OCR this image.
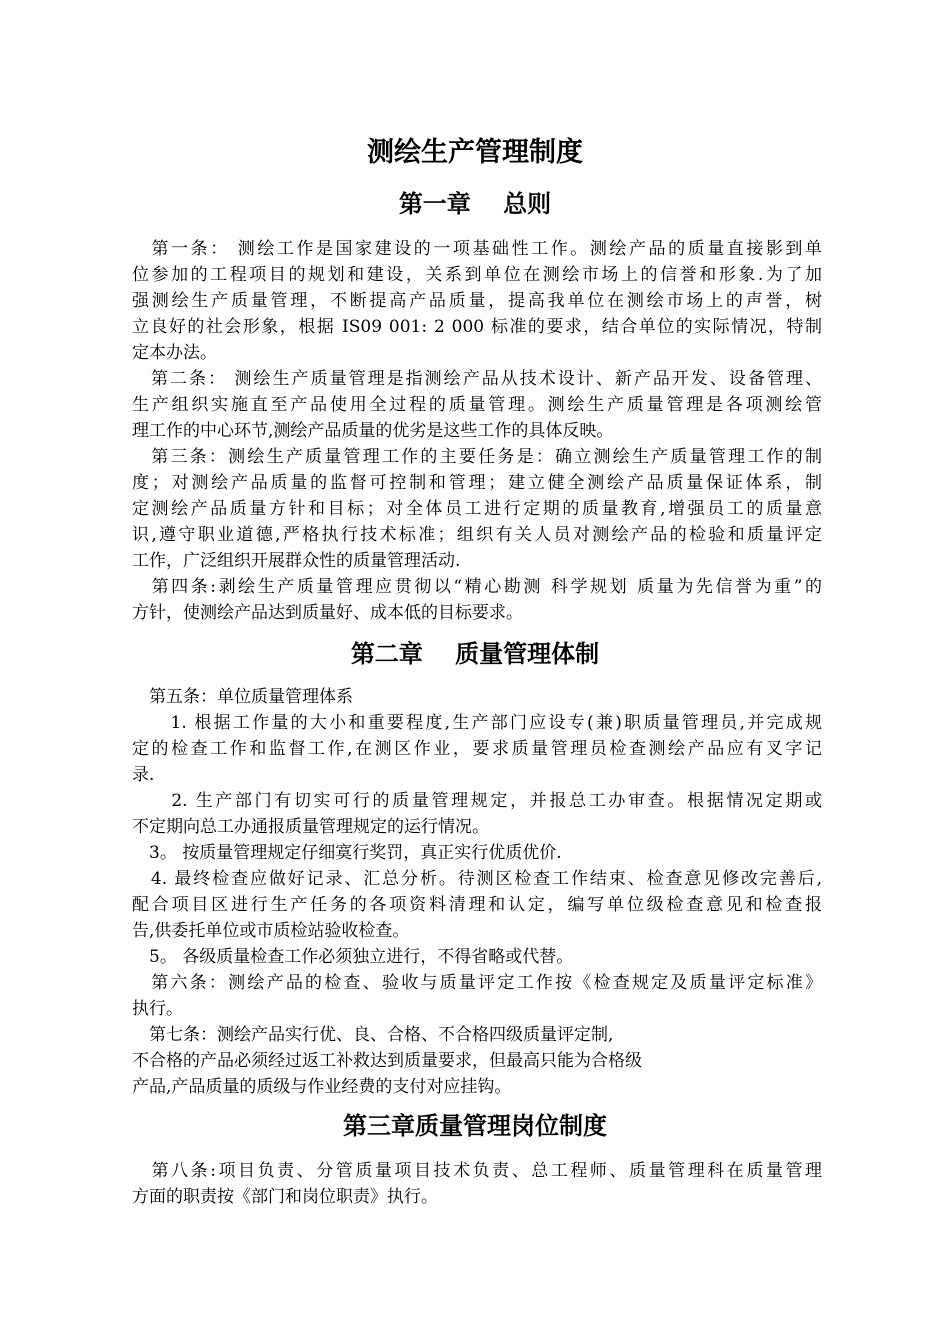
测绘生产管理制度
第一章　 总则

　第一条： 测绘工作是国家建设的一项基础性工作。测绘产品的质量直接影到单

位参加的工程项目的规划和建设，关系到单位在测绘市场上的信誉和形象.为了加

强测绘生产质量管理，不断提高产品质量，提高我单位在测绘市场上的声誉，树

立良好的社会形象，根据 IS09 001: 2 000 标准的要求，结合单位的实际情况，特制

定本办法。

　第二条： 测绘生产质量管理是指测绘产品从技术设计、新产品开发、设备管理、

生产组织实施直至产品使用全过程的质量管理。测绘生产质量管理是各项测绘管

理工作的中心环节,测绘产品质量的优劣是这些工作的具体反映。

　第三条：测绘生产质量管理工作的主要任务是：确立测绘生产质量管理工作的制

度；对测绘产品质量的监督可控制和管理；建立健全测绘产品质量保证体系，制

定测绘产品质量方针和目标；对全体员工进行定期的质量教育,增强员工的质量意

识,遵守职业道德,严格执行技术标准；组织有关人员对测绘产品的检验和质量评定

工作，广泛组织开展群众性的质量管理活动.

　第四条:剥绘生产质量管理应贯彻以“精心勘测 科学规划 质量为先信誉为重”的

方针，使测绘产品达到质量好、成本低的目标要求。

第二章　 质量管理体制

　第五条：单位质量管理体系

　　1. 根据工作量的大小和重要程度,生产部门应设专(兼)职质量管理员,并完成规

定的检查工作和监督工作,在测区作业，要求质量管理员检查测绘产品应有叉字记

录.

　　2. 生产部门有切实可行的质量管理规定，并报总工办审查。根据情况定期或

不定期向总工办通报质量管理规定的运行情况。

　3。 按质量管理规定仔细寞行奖罚，真正实行优质优价.

　4. 最终检查应做好记录、汇总分析。待测区检查工作结束、检查意见修改完善后,

配合项目区进行生产任务的各项资料清理和认定，编写单位级检查意见和检查报

告,供委托单位或市质检站验收检查。

　5。 各级质量检查工作必须独立进行，不得省略或代替。

　第六条：测绘产品的检查、验收与质量评定工作按《检查规定及质量评定标准》

执行。

　第七条：测绘产品实行优、良、合格、不合格四级质量评定制,

不合格的产品必须经过返工补救达到质量要求，但最高只能为合格级

产品,产品质量的质级与作业经费的支付对应挂钩。

第三章质量管理岗位制度

　第八条:项目负责、分管质量项目技术负责、总工程师、质量管理科在质量管理

方面的职责按《部门和岗位职责》执行。
